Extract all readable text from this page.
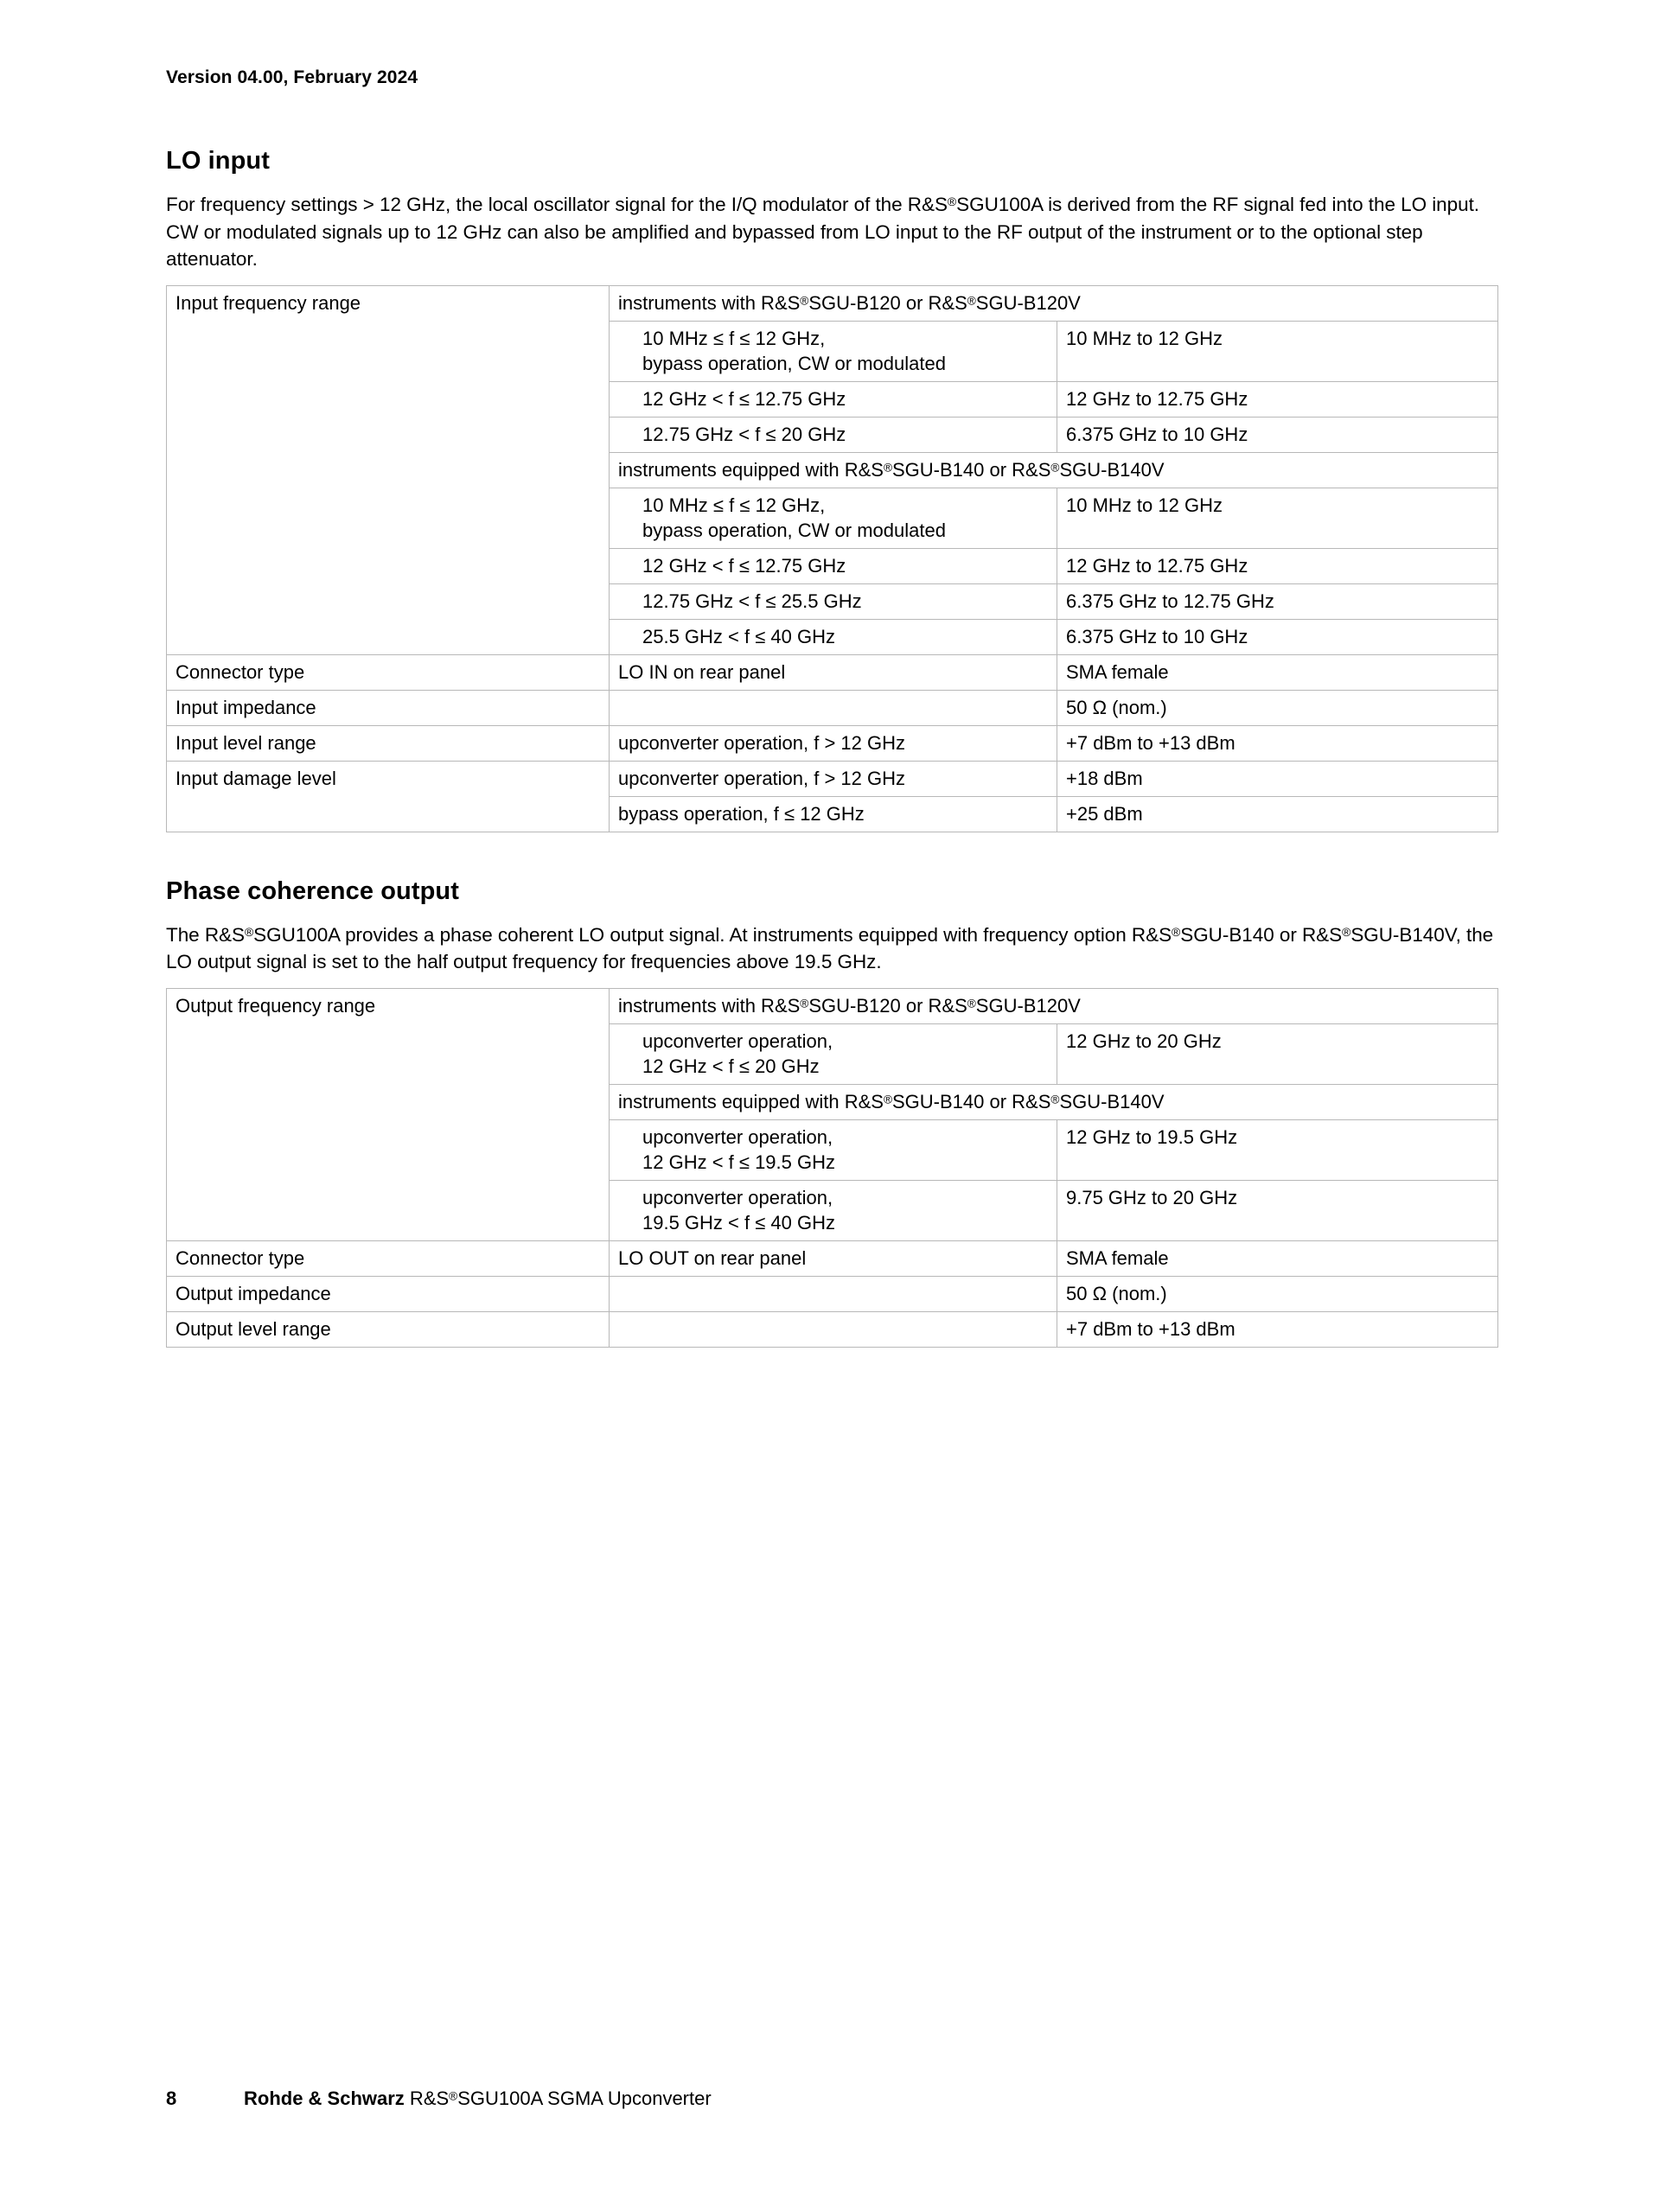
Version 04.00, February 2024
LO input

For frequency settings > 12 GHz, the local oscillator signal for the I/Q modulator of the R&S®SGU100A is derived from the RF signal fed into the LO input. CW or modulated signals up to 12 GHz can also be amplified and bypassed from LO input to the RF output of the instrument or to the optional step attenuator.

Input frequency range	instruments with R&S®SGU-B120 or R&S®SGU-B120V	
	10 MHz ≤ f ≤ 12 GHz,
bypass operation, CW or modulated	10 MHz to 12 GHz
	12 GHz < f ≤ 12.75 GHz	12 GHz to 12.75 GHz
	12.75 GHz < f ≤ 20 GHz	6.375 GHz to 10 GHz
	instruments equipped with R&S®SGU-B140 or R&S®SGU-B140V	
	10 MHz ≤ f ≤ 12 GHz,
bypass operation, CW or modulated	10 MHz to 12 GHz
	12 GHz < f ≤ 12.75 GHz	12 GHz to 12.75 GHz
	12.75 GHz < f ≤ 25.5 GHz	6.375 GHz to 12.75 GHz
	25.5 GHz < f ≤ 40 GHz	6.375 GHz to 10 GHz
Connector type	LO IN on rear panel	SMA female
Input impedance		50 Ω (nom.)
Input level range	upconverter operation, f > 12 GHz	+7 dBm to +13 dBm
Input damage level	upconverter operation, f > 12 GHz	+18 dBm
	bypass operation, f ≤ 12 GHz	+25 dBm
Phase coherence output

The R&S®SGU100A provides a phase coherent LO output signal. At instruments equipped with frequency option R&S®SGU-B140 or R&S®SGU-B140V, the LO output signal is set to the half output frequency for frequencies above 19.5 GHz.

Output frequency range	instruments with R&S®SGU-B120 or R&S®SGU-B120V	
	upconverter operation,
12 GHz < f ≤ 20 GHz	12 GHz to 20 GHz
	instruments equipped with R&S®SGU-B140 or R&S®SGU-B140V	
	upconverter operation,
12 GHz < f ≤ 19.5 GHz	12 GHz to 19.5 GHz
	upconverter operation,
19.5 GHz < f ≤ 40 GHz	9.75 GHz to 20 GHz
Connector type	LO OUT on rear panel	SMA female
Output impedance		50 Ω (nom.)
Output level range		+7 dBm to +13 dBm
8	Rohde & Schwarz R&S®SGU100A SGMA Upconverter
